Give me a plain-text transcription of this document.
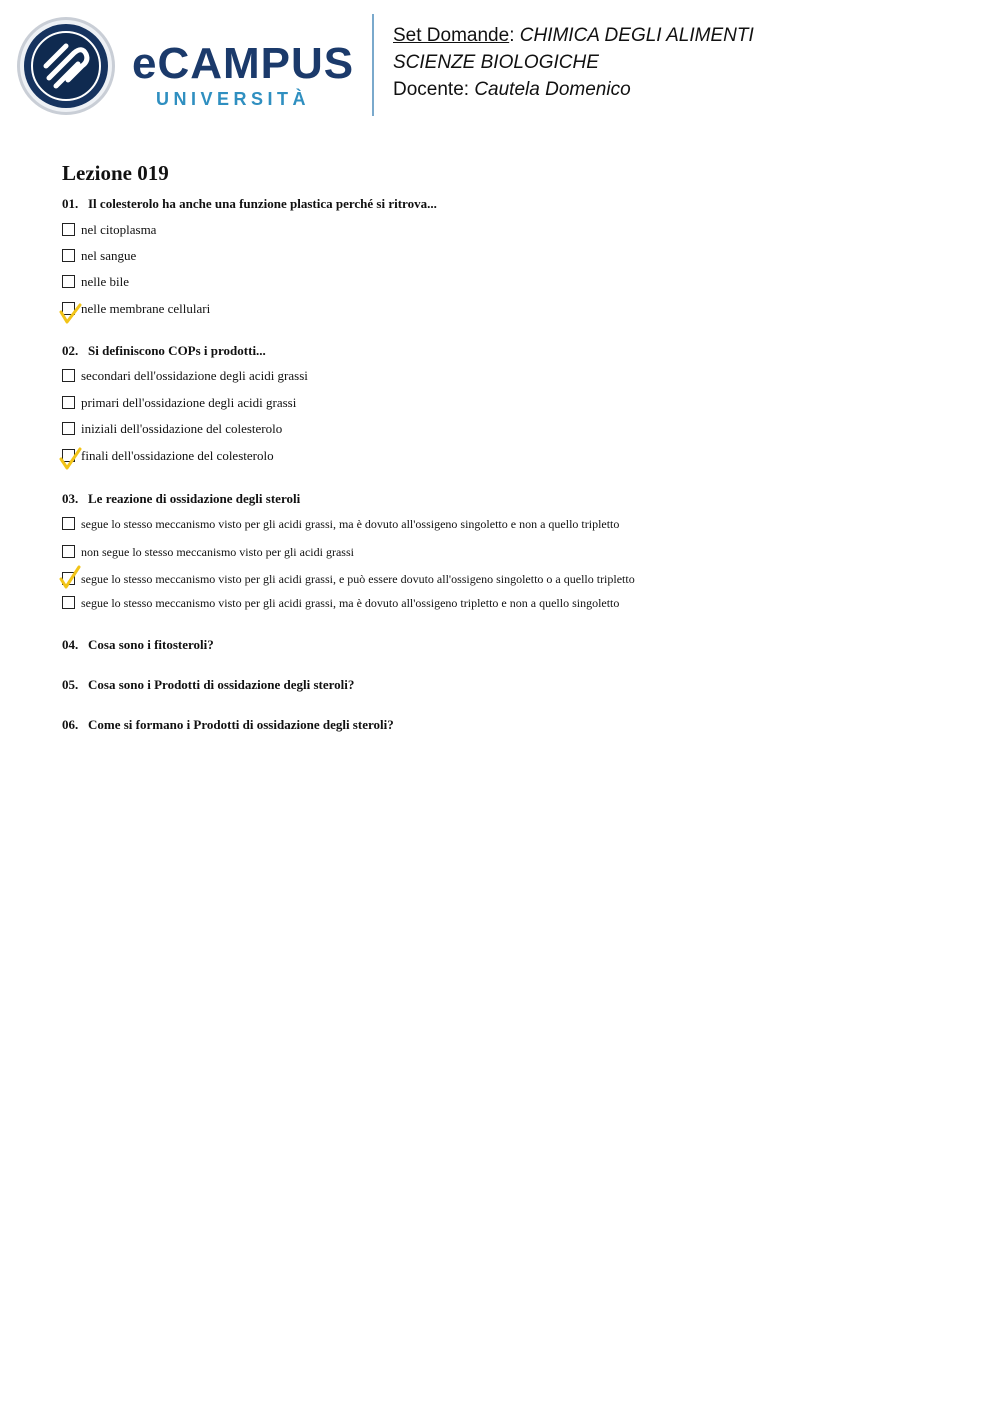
eCAMPUS
UNIVERSITÀ
Set Domande: CHIMICA DEGLI ALIMENTI
SCIENZE BIOLOGICHE
Docente: Cautela Domenico
Lezione 019
01. Il colesterolo ha anche una funzione plastica perché si ritrova...
nel citoplasma
nel sangue
nelle bile
nelle membrane cellulari
02. Si definiscono COPs i prodotti...
secondari dell'ossidazione degli acidi grassi
primari dell'ossidazione degli acidi grassi
iniziali dell'ossidazione del colesterolo
finali dell'ossidazione del colesterolo
03. Le reazione di ossidazione degli steroli
segue lo stesso meccanismo visto per gli acidi grassi, ma è dovuto all'ossigeno singoletto e non a quello tripletto
non segue lo stesso meccanismo visto per gli acidi grassi
segue lo stesso meccanismo visto per gli acidi grassi, e può essere dovuto all'ossigeno singoletto o a quello tripletto
segue lo stesso meccanismo visto per gli acidi grassi, ma è dovuto all'ossigeno tripletto e non a quello singoletto
04. Cosa sono i fitosteroli?
05. Cosa sono i Prodotti di ossidazione degli steroli?
06. Come si formano i Prodotti di ossidazione degli steroli?
